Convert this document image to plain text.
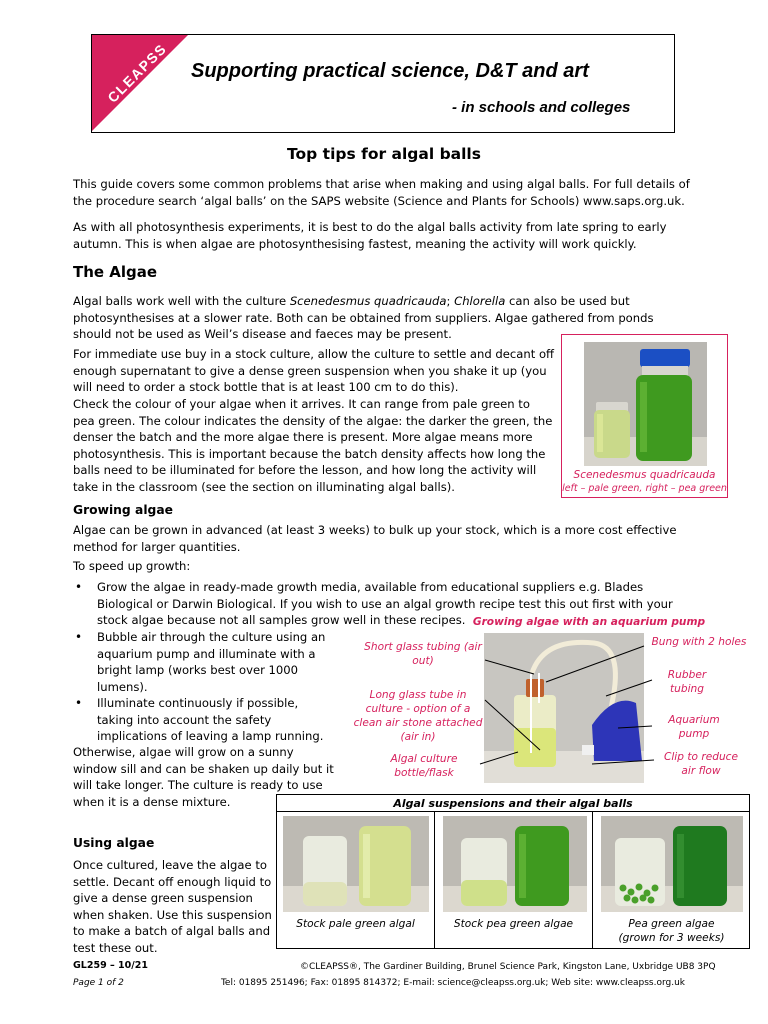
CLEAPSS	Supporting practical science, D&T and art
- in schools and colleges
Top tips for algal balls

This guide covers some common problems that arise when making and using algal balls. For full details of the procedure search ‘algal balls’ on the SAPS website (Science and Plants for Schools) www.saps.org.uk.

As with all photosynthesis experiments, it is best to do the algal balls activity from late spring to early autumn. This is when algae are photosynthesising fastest, meaning the activity will work quickly.

The Algae

Algal balls work well with the culture Scenedesmus quadricauda; Chlorella can also be used but photosynthesises at a slower rate. Both can be obtained from suppliers. Algae gathered from ponds should not be used as Weil’s disease and faeces may be present.

For immediate use buy in a stock culture, allow the culture to settle and decant off enough supernatant to give a dense green suspension when you shake it up (you will need to order a stock bottle that is at least 100 cm to do this).

Check the colour of your algae when it arrives. It can range from pale green to pea green. The colour indicates the density of the algae: the darker the green, the denser the batch and the more algae there is present. More algae means more photosynthesis. This is important because the batch density affects how long the balls need to be illuminated for before the lesson, and how long the activity will take in the classroom (see the section on illuminating algal balls).

Scenedesmus quadricauda
left – pale green, right – pea green
Growing algae

Algae can be grown in advanced (at least 3 weeks) to bulk up your stock, which is a more cost effective method for larger quantities.

To speed up growth:

• Grow the algae in ready-made growth media, available from educational suppliers e.g. Blades Biological or Darwin Biological. If you wish to use an algal growth recipe test this out first with your stock algae because not all samples grow well in these recipes.
• Bubble air through the culture using an aquarium pump and illuminate with a bright lamp (works best over 1000 lumens).
• Illuminate continuously if possible, taking into account the safety implications of leaving a lamp running.

Otherwise, algae will grow on a sunny window sill and can be shaken up daily but it will take longer. The culture is ready to use when it is a dense mixture.

Growing algae with an aquarium pump
Short glass tubing (air out)
Long glass tube in culture - option of a clean air stone attached (air in)
Algal culture bottle/flask
Bung with 2 holes
Rubber tubing
Aquarium pump
Clip to reduce air flow
Using algae

Once cultured, leave the algae to settle. Decant off enough liquid to give a dense green suspension when shaken. Use this suspension to make a batch of algal balls and test these out.

Algal suspensions and their algal balls
Stock pale green algal	Stock pea green algae	Pea green algae
(grown for 3 weeks)
GL259 – 10/21
Page 1 of 2
©CLEAPSS®, The Gardiner Building, Brunel Science Park, Kingston Lane, Uxbridge UB8 3PQ
Tel: 01895 251496; Fax: 01895 814372; E-mail: science@cleapss.org.uk; Web site: www.cleapss.org.uk
